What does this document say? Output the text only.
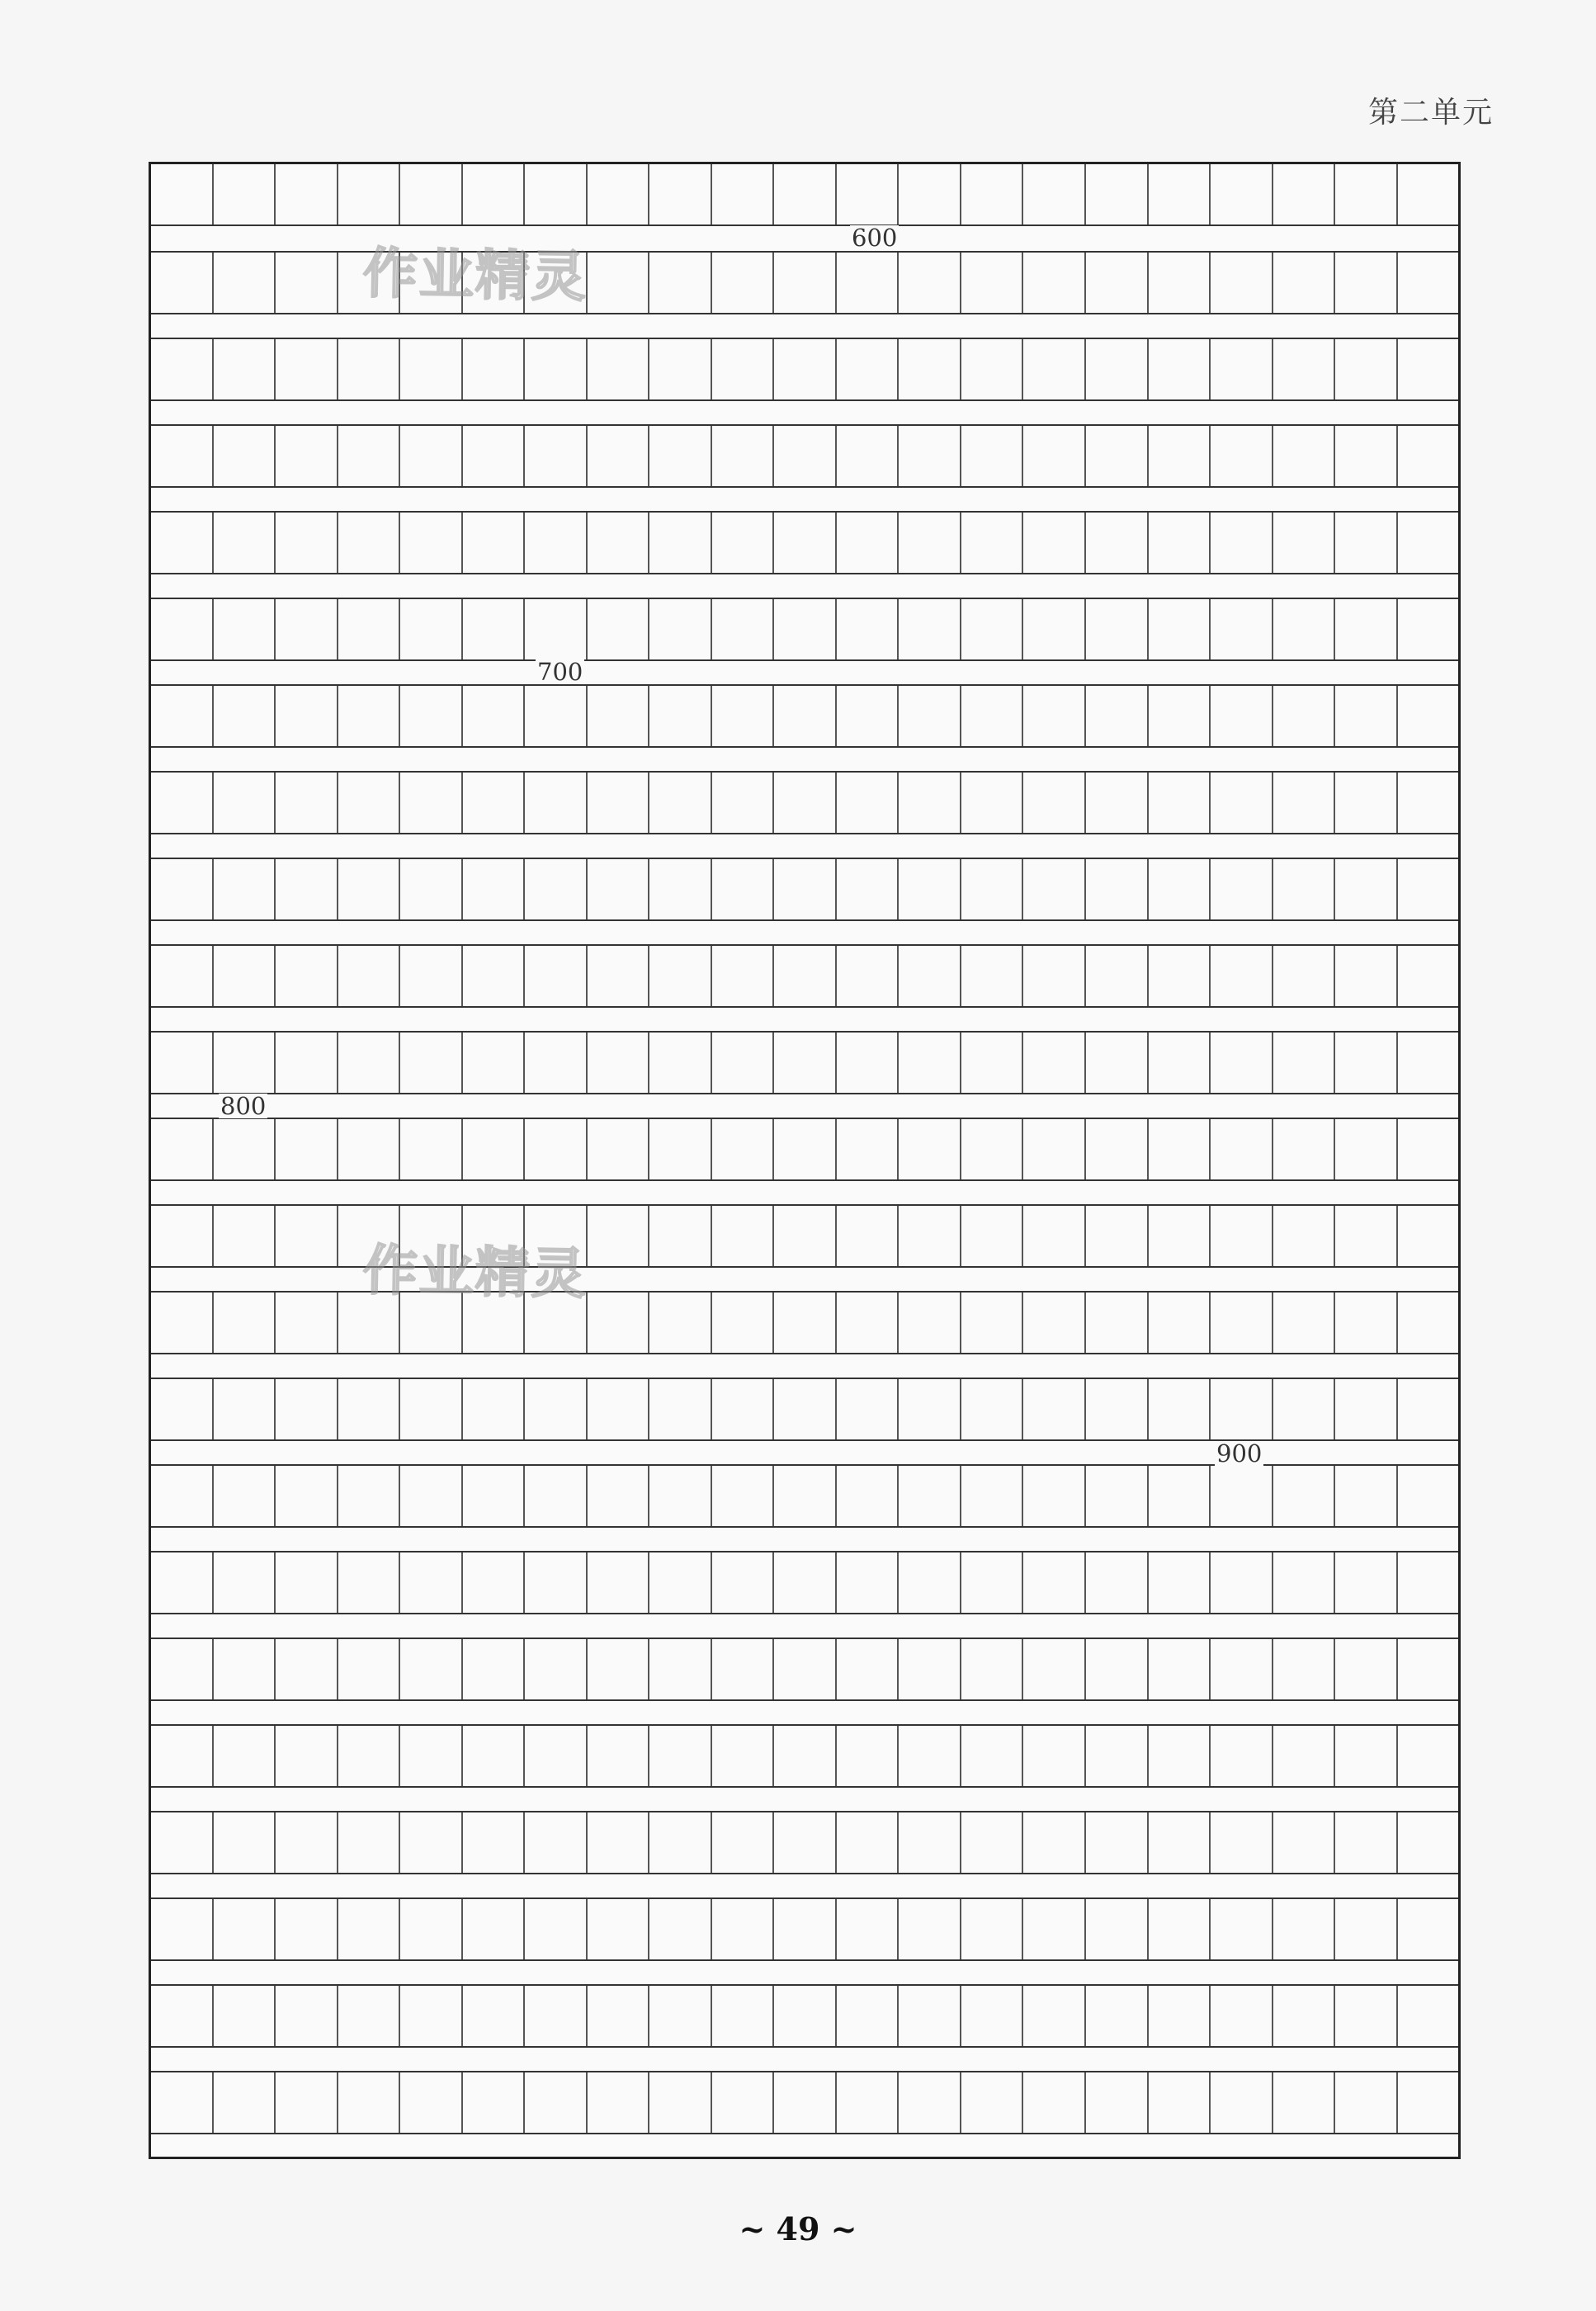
第二单元
600
700
800
900
作业精灵
作业精灵
~ 49 ~
